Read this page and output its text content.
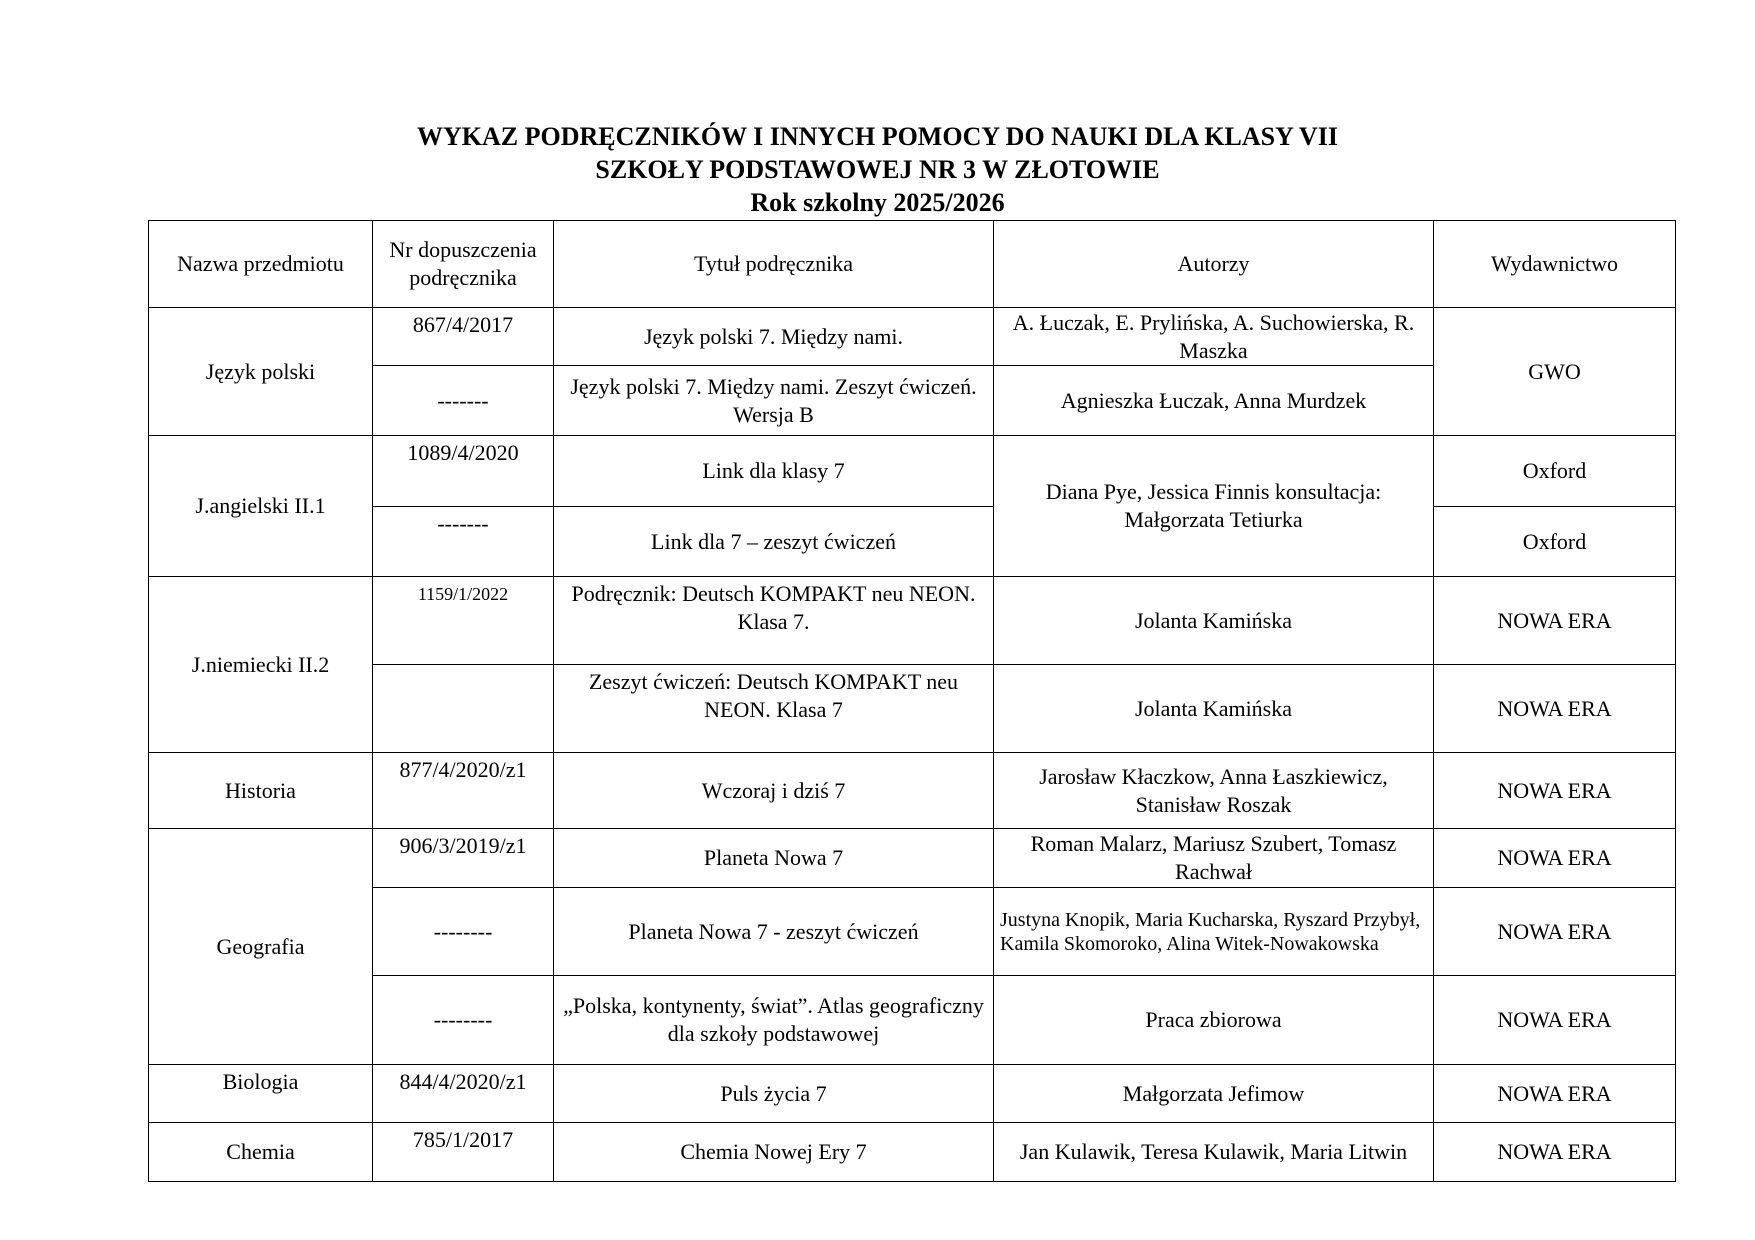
WYKAZ PODRĘCZNIKÓW I INNYCH POMOCY DO NAUKI DLA KLASY VII
SZKOŁY PODSTAWOWEJ NR 3 W ZŁOTOWIE
Rok szkolny 2025/2026
Nazwa przedmiotu	Nr dopuszczenia podręcznika	Tytuł podręcznika	Autorzy	Wydawnictwo
Język polski	867/4/2017	Język polski 7. Między nami.	A. Łuczak, E. Prylińska, A. Suchowierska, R. Maszka	GWO
	-------	Język polski 7. Między nami. Zeszyt ćwiczeń. Wersja B	Agnieszka Łuczak, Anna Murdzek	
J.angielski II.1	1089/4/2020	Link dla klasy 7	Diana Pye, Jessica Finnis konsultacja: Małgorzata Tetiurka	Oxford
	-------	Link dla 7 – zeszyt ćwiczeń		Oxford
J.niemiecki II.2	1159/1/2022	Podręcznik: Deutsch KOMPAKT neu NEON. Klasa 7.	Jolanta Kamińska	NOWA ERA
		Zeszyt ćwiczeń: Deutsch KOMPAKT neu NEON. Klasa 7	Jolanta Kamińska	NOWA ERA
Historia	877/4/2020/z1	Wczoraj i dziś 7	Jarosław Kłaczkow, Anna Łaszkiewicz, Stanisław Roszak	NOWA ERA
Geografia	906/3/2019/z1	Planeta Nowa 7	Roman Malarz, Mariusz Szubert, Tomasz Rachwał	NOWA ERA
	--------	Planeta Nowa 7 - zeszyt ćwiczeń	Justyna Knopik, Maria Kucharska, Ryszard Przybył, Kamila Skomoroko, Alina Witek-Nowakowska	NOWA ERA
	--------	„Polska, kontynenty, świat”. Atlas geograficzny dla szkoły podstawowej	Praca zbiorowa	NOWA ERA
Biologia	844/4/2020/z1	Puls życia 7	Małgorzata Jefimow	NOWA ERA
Chemia	785/1/2017	Chemia Nowej Ery 7	Jan Kulawik, Teresa Kulawik, Maria Litwin	NOWA ERA
